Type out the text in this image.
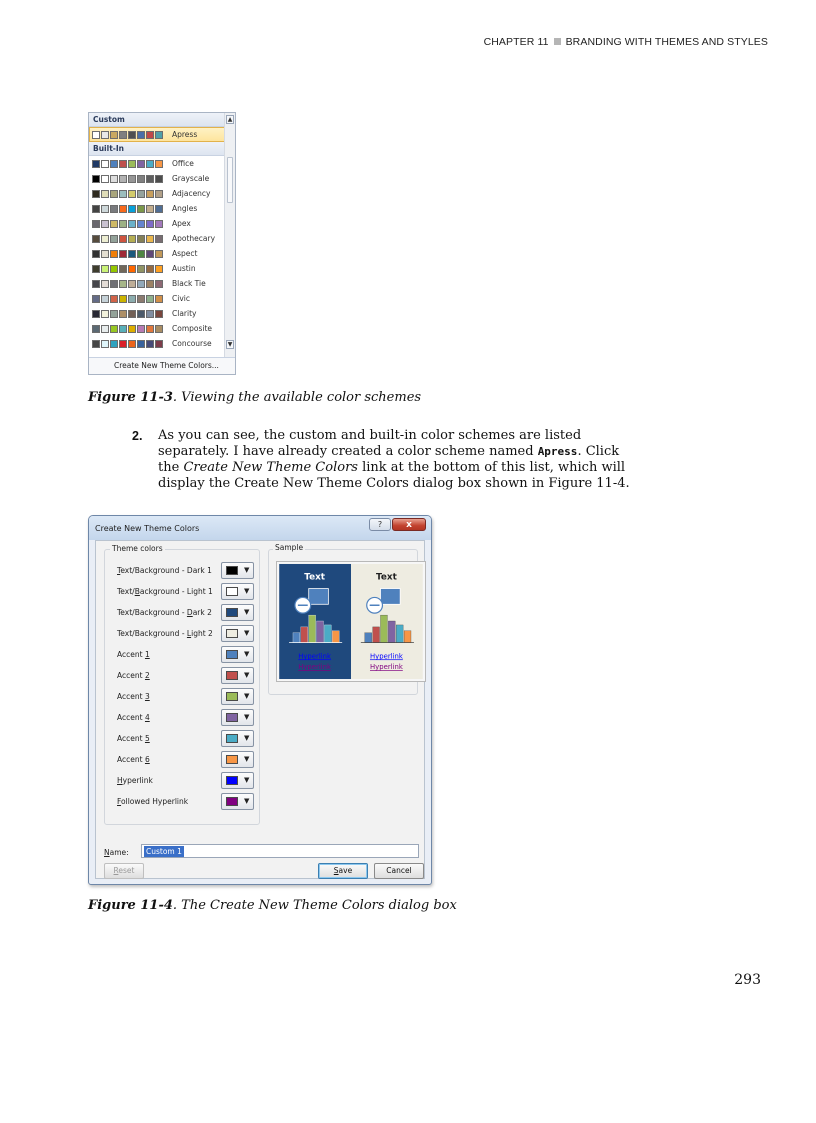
CHAPTER 11 BRANDING WITH THEMES AND STYLES
Custom
Apress
Built-In
Office
Grayscale
Adjacency
Angles
Apex
Apothecary
Aspect
Austin
Black Tie
Civic
Clarity
Composite
Concourse
▲
▼
Create New Theme Colors...
Figure 11-3. Viewing the available color schemes
2. As you can see, the custom and built-in color schemes are listed separately. I have already created a color scheme named Apress. Click the Create New Theme Colors link at the bottom of this list, which will display the Create New Theme Colors dialog box shown in Figure 11-4.
Create New Theme Colors	?	x
Theme colors
Text/Background - Dark 1	▼
Text/Background - Light 1	▼
Text/Background - Dark 2	▼
Text/Background - Light 2	▼
Accent 1	▼
Accent 2	▼
Accent 3	▼
Accent 4	▼
Accent 5	▼
Accent 6	▼
Hyperlink	▼
Followed Hyperlink	▼
Sample
Text
Hyperlink
Hyperlink
Text
Hyperlink
Hyperlink
Name: Custom 1
Reset	Save	Cancel
Figure 11-4. The Create New Theme Colors dialog box
293
